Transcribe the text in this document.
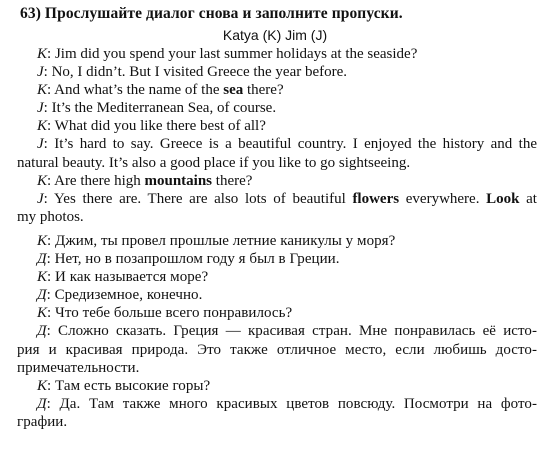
63) Прослушайте диалог снова и заполните пропуски.
Katya (K) Jim (J)
K: Jim did you spend your last summer holidays at the seaside?
J: No, I didn’t. But I visited Greece the year before.
K: And what’s the name of the sea there?
J: It’s the Mediterranean Sea, of course.
K: What did you like there best of all?
J: It’s hard to say. Greece is a beautiful country. I enjoyed the history and the
natural beauty. It’s also a good place if you like to go sightseeing.
K: Are there high mountains there?
J: Yes there are. There are also lots of beautiful flowers everywhere. Look at
my photos.
К: Джим, ты провел прошлые летние каникулы у моря?
Д: Нет, но в позапрошлом году я был в Греции.
К: И как называется море?
Д: Средиземное, конечно.
К: Что тебе больше всего понравилось?
Д: Сложно сказать. Греция — красивая стран. Мне понравилась её исто-
рия и красивая природа. Это также отличное место, если любишь досто-
примечательности.
К: Там есть высокие горы?
Д: Да. Там также много красивых цветов повсюду. Посмотри на фото-
графии.
